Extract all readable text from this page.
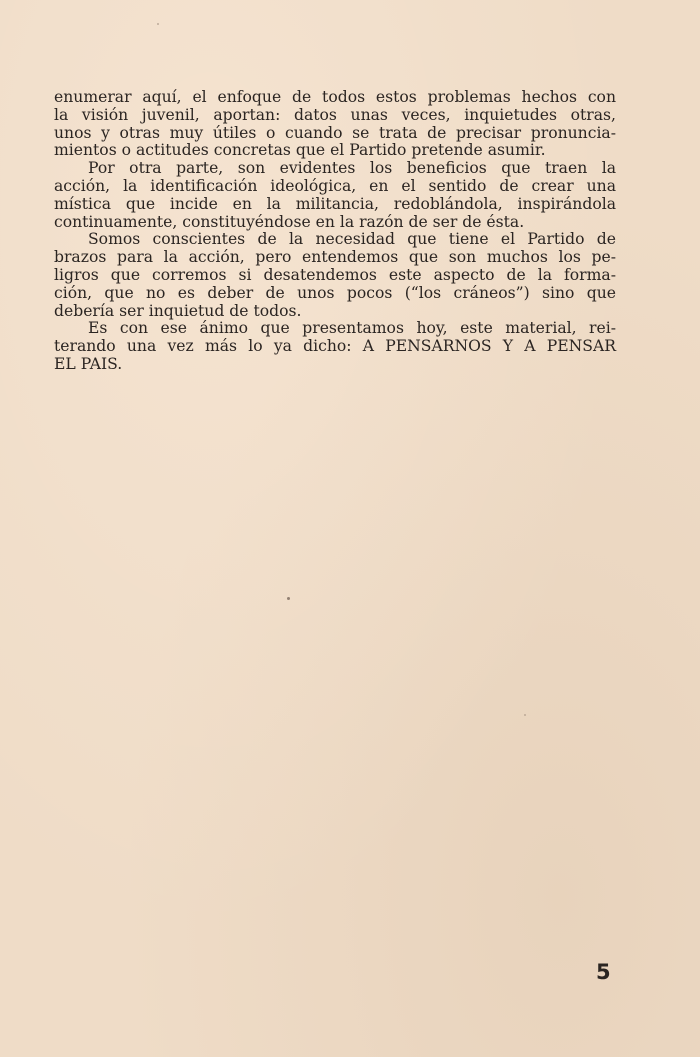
enumerar aquí, el enfoque de todos estos problemas hechos con
la visión juvenil, aportan: datos unas veces, inquietudes otras,
unos y otras muy útiles o cuando se trata de precisar pronuncia-
mientos o actitudes concretas que el Partido pretende asumir.
Por otra parte, son evidentes los beneficios que traen la
acción, la identificación ideológica, en el sentido de crear una
mística que incide en la militancia, redoblándola, inspirándola
continuamente, constituyéndose en la razón de ser de ésta.
Somos conscientes de la necesidad que tiene el Partido de
brazos para la acción, pero entendemos que son muchos los pe-
ligros que corremos si desatendemos este aspecto de la forma-
ción, que no es deber de unos pocos (“los cráneos”) sino que
debería ser inquietud de todos.
Es con ese ánimo que presentamos hoy, este material, rei-
terando una vez más lo ya dicho: A PENSARNOS Y A PENSAR
EL PAIS.
5
